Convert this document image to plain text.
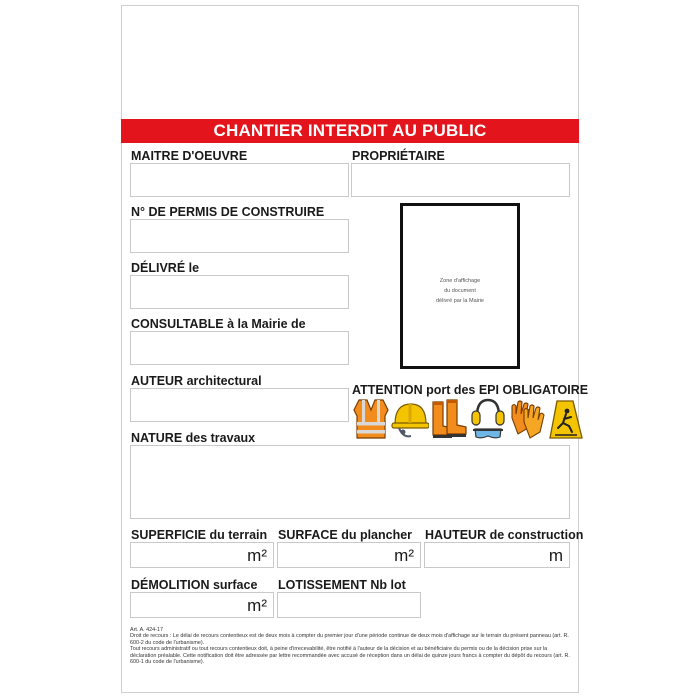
CHANTIER INTERDIT AU PUBLIC
MAITRE D'OEUVRE	PROPRIÉTAIRE
N° DE PERMIS DE CONSTRUIRE
DÉLIVRÉ le
CONSULTABLE à la Mairie de
Zone d'affichage
du document
délivré par la Mairie
AUTEUR architectural
ATTENTION port des EPI OBLIGATOIRE
NATURE des travaux
SUPERFICIE du terrain
m²
SURFACE du plancher
m²
HAUTEUR de construction
m
DÉMOLITION surface
m²
LOTISSEMENT Nb lot

Art. A. 424-17

Droit de recours : Le délai de recours contentieux est de deux mois à compter du premier jour d'une période continue de deux mois d'affichage sur le terrain du présent panneau (art. R. 600-2 du code de l'urbanisme).

Tout recours administratif ou tout recours contentieux doit, à peine d'irrecevabilité, être notifié à l'auteur de la décision et au bénéficiaire du permis ou de la décision prise sur la déclaration préalable. Cette notification doit être adressée par lettre recommandée avec accusé de réception dans un délai de quinze jours francs à compter du dépôt du recours (art. R. 600-1 du code de l'urbanisme).
